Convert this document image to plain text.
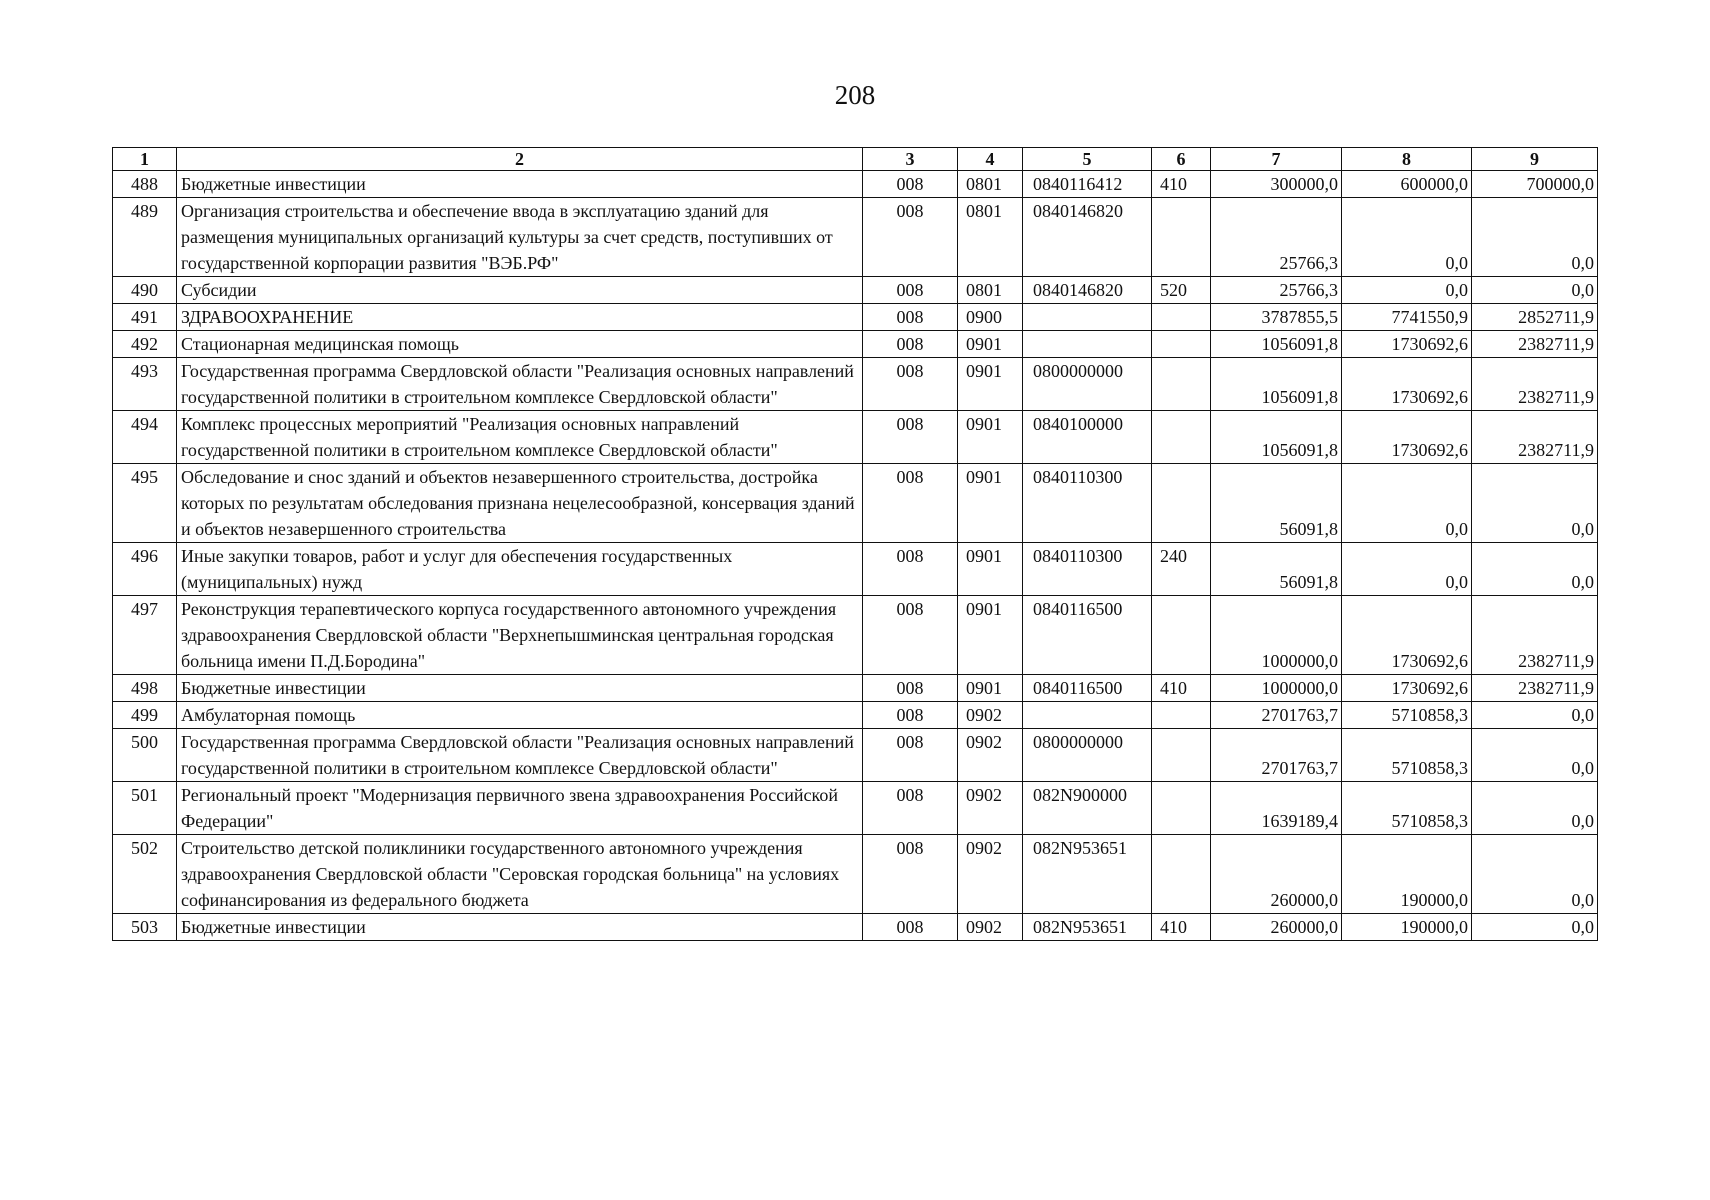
208
1	2	3	4	5	6	7	8	9
488	Бюджетные инвестиции	008	0801	0840116412	410	300000,0	600000,0	700000,0
489	Организация строительства и обеспечение ввода в эксплуатацию зданий для размещения муниципальных организаций культуры за счет средств, поступивших от государственной корпорации развития "ВЭБ.РФ"	008	0801	0840146820		25766,3	0,0	0,0
490	Субсидии	008	0801	0840146820	520	25766,3	0,0	0,0
491	ЗДРАВООХРАНЕНИЕ	008	0900			3787855,5	7741550,9	2852711,9
492	Стационарная медицинская помощь	008	0901			1056091,8	1730692,6	2382711,9
493	Государственная программа Свердловской области "Реализация основных направлений государственной политики в строительном комплексе Свердловской области"	008	0901	0800000000		1056091,8	1730692,6	2382711,9
494	Комплекс процессных мероприятий "Реализация основных направлений государственной политики в строительном комплексе Свердловской области"	008	0901	0840100000		1056091,8	1730692,6	2382711,9
495	Обследование и снос зданий и объектов незавершенного строительства, достройка которых по результатам обследования признана нецелесообразной, консервация зданий и объектов незавершенного строительства	008	0901	0840110300		56091,8	0,0	0,0
496	Иные закупки товаров, работ и услуг для обеспечения государственных (муниципальных) нужд	008	0901	0840110300	240	56091,8	0,0	0,0
497	Реконструкция терапевтического корпуса государственного автономного учреждения здравоохранения Свердловской области "Верхнепышминская центральная городская больница имени П.Д.Бородина"	008	0901	0840116500		1000000,0	1730692,6	2382711,9
498	Бюджетные инвестиции	008	0901	0840116500	410	1000000,0	1730692,6	2382711,9
499	Амбулаторная помощь	008	0902			2701763,7	5710858,3	0,0
500	Государственная программа Свердловской области "Реализация основных направлений государственной политики в строительном комплексе Свердловской области"	008	0902	0800000000		2701763,7	5710858,3	0,0
501	Региональный проект "Модернизация первичного звена здравоохранения Российской Федерации"	008	0902	082N900000		1639189,4	5710858,3	0,0
502	Строительство детской поликлиники государственного автономного учреждения здравоохранения Свердловской области "Серовская городская больница" на условиях софинансирования из федерального бюджета	008	0902	082N953651		260000,0	190000,0	0,0
503	Бюджетные инвестиции	008	0902	082N953651	410	260000,0	190000,0	0,0
